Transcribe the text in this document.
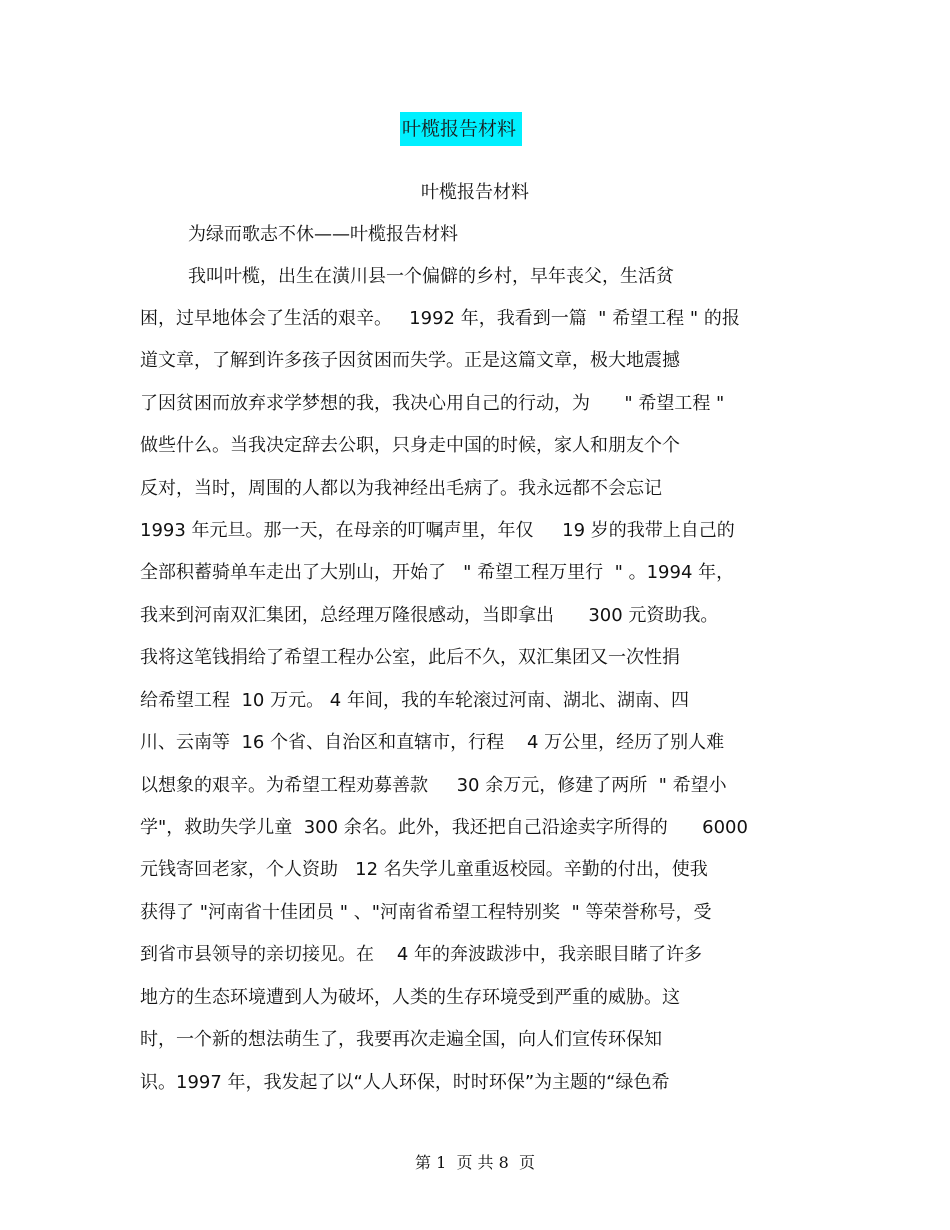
叶榄报告材料
叶榄报告材料
为绿而歌志不休——叶榄报告材料
我叫叶榄，出生在潢川县一个偏僻的乡村，早年丧父，生活贫
困，过早地体会了生活的艰辛。   1992 年，我看到一篇  " 希望工程 " 的报
道文章，了解到许多孩子因贫困而失学。正是这篇文章，极大地震撼
了因贫困而放弃求学梦想的我，我决心用自己的行动，为      " 希望工程 "
做些什么。当我决定辞去公职，只身走中国的时候，家人和朋友个个
反对，当时，周围的人都以为我神经出毛病了。我永远都不会忘记
1993 年元旦。那一天，在母亲的叮嘱声里，年仅     19 岁的我带上自己的
全部积蓄骑单车走出了大别山，开始了   " 希望工程万里行  " 。1994 年，
我来到河南双汇集团，总经理万隆很感动，当即拿出      300 元资助我。
我将这笔钱捐给了希望工程办公室，此后不久，双汇集团又一次性捐
给希望工程  10 万元。 4 年间，我的车轮滚过河南、湖北、湖南、四
川、云南等  16 个省、自治区和直辖市，行程    4 万公里，经历了别人难
以想象的艰辛。为希望工程劝募善款     30 余万元，修建了两所  " 希望小
学"，救助失学儿童  300 余名。此外，我还把自己沿途卖字所得的      6000
元钱寄回老家，个人资助   12 名失学儿童重返校园。辛勤的付出，使我
获得了 "河南省十佳团员 " 、"河南省希望工程特别奖  " 等荣誉称号，受
到省市县领导的亲切接见。在    4 年的奔波跋涉中，我亲眼目睹了许多
地方的生态环境遭到人为破坏，人类的生存环境受到严重的威胁。这
时，一个新的想法萌生了，我要再次走遍全国，向人们宣传环保知
识。1997 年，我发起了以“人人环保，时时环保”为主题的“绿色希
第 1  页 共 8  页
